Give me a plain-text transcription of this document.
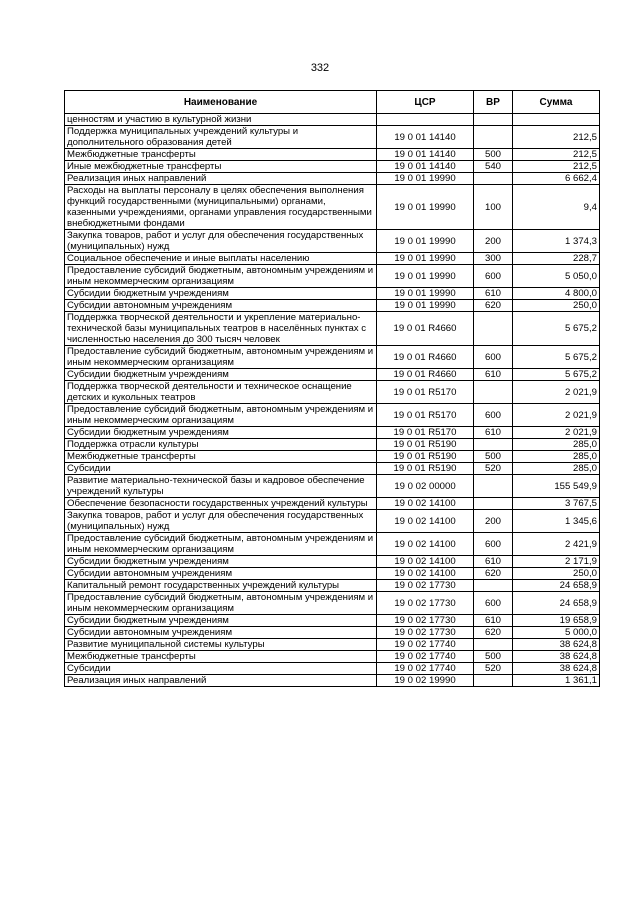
332
Наименование	ЦСР	ВР	Сумма
ценностям и участию в культурной жизни			
Поддержка муниципальных учреждений культуры и дополнительного образования детей	19 0 01 14140		212,5
Межбюджетные трансферты	19 0 01 14140	500	212,5
Иные межбюджетные трансферты	19 0 01 14140	540	212,5
Реализация иных направлений	19 0 01 19990		6 662,4
Расходы на выплаты персоналу в целях обеспечения выполнения функций государственными (муниципальными) органами, казенными учреждениями, органами управления государственными внебюджетными фондами	19 0 01 19990	100	9,4
Закупка товаров, работ и услуг для обеспечения государственных (муниципальных) нужд	19 0 01 19990	200	1 374,3
Социальное обеспечение и иные выплаты населению	19 0 01 19990	300	228,7
Предоставление субсидий бюджетным, автономным учреждениям и иным некоммерческим организациям	19 0 01 19990	600	5 050,0
Субсидии бюджетным учреждениям	19 0 01 19990	610	4 800,0
Субсидии автономным учреждениям	19 0 01 19990	620	250,0
Поддержка творческой деятельности и укрепление материально-технической базы муниципальных театров в населённых пунктах с численностью населения до 300 тысяч человек	19 0 01 R4660		5 675,2
Предоставление субсидий бюджетным, автономным учреждениям и иным некоммерческим организациям	19 0 01 R4660	600	5 675,2
Субсидии бюджетным учреждениям	19 0 01 R4660	610	5 675,2
Поддержка творческой деятельности и техническое оснащение детских и кукольных театров	19 0 01 R5170		2 021,9
Предоставление субсидий бюджетным, автономным учреждениям и иным некоммерческим организациям	19 0 01 R5170	600	2 021,9
Субсидии бюджетным учреждениям	19 0 01 R5170	610	2 021,9
Поддержка отрасли культуры	19 0 01 R5190		285,0
Межбюджетные трансферты	19 0 01 R5190	500	285,0
Субсидии	19 0 01 R5190	520	285,0
Развитие материально-технической базы и кадровое обеспечение учреждений культуры	19 0 02 00000		155 549,9
Обеспечение безопасности государственных учреждений культуры	19 0 02 14100		3 767,5
Закупка товаров, работ и услуг для обеспечения государственных (муниципальных) нужд	19 0 02 14100	200	1 345,6
Предоставление субсидий бюджетным, автономным учреждениям и иным некоммерческим организациям	19 0 02 14100	600	2 421,9
Субсидии бюджетным учреждениям	19 0 02 14100	610	2 171,9
Субсидии автономным учреждениям	19 0 02 14100	620	250,0
Капитальный ремонт государственных учреждений культуры	19 0 02 17730		24 658,9
Предоставление субсидий бюджетным, автономным учреждениям и иным некоммерческим организациям	19 0 02 17730	600	24 658,9
Субсидии бюджетным учреждениям	19 0 02 17730	610	19 658,9
Субсидии автономным учреждениям	19 0 02 17730	620	5 000,0
Развитие муниципальной системы культуры	19 0 02 17740		38 624,8
Межбюджетные трансферты	19 0 02 17740	500	38 624,8
Субсидии	19 0 02 17740	520	38 624,8
Реализация иных направлений	19 0 02 19990		1 361,1
